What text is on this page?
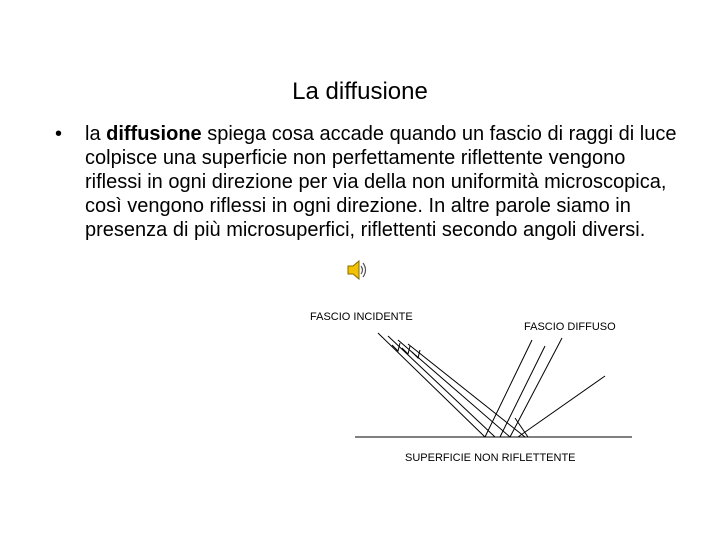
La diffusione
• la diffusione spiega cosa accade quando un fascio di raggi di luce colpisce una superficie non perfettamente riflettente vengono riflessi in ogni direzione per via della non uniformità microscopica, così vengono riflessi in ogni direzione. In altre parole siamo in presenza di più microsuperfici, riflettenti secondo angoli diversi.
FASCIO INCIDENTE
FASCIO DIFFUSO
SUPERFICIE NON RIFLETTENTE
